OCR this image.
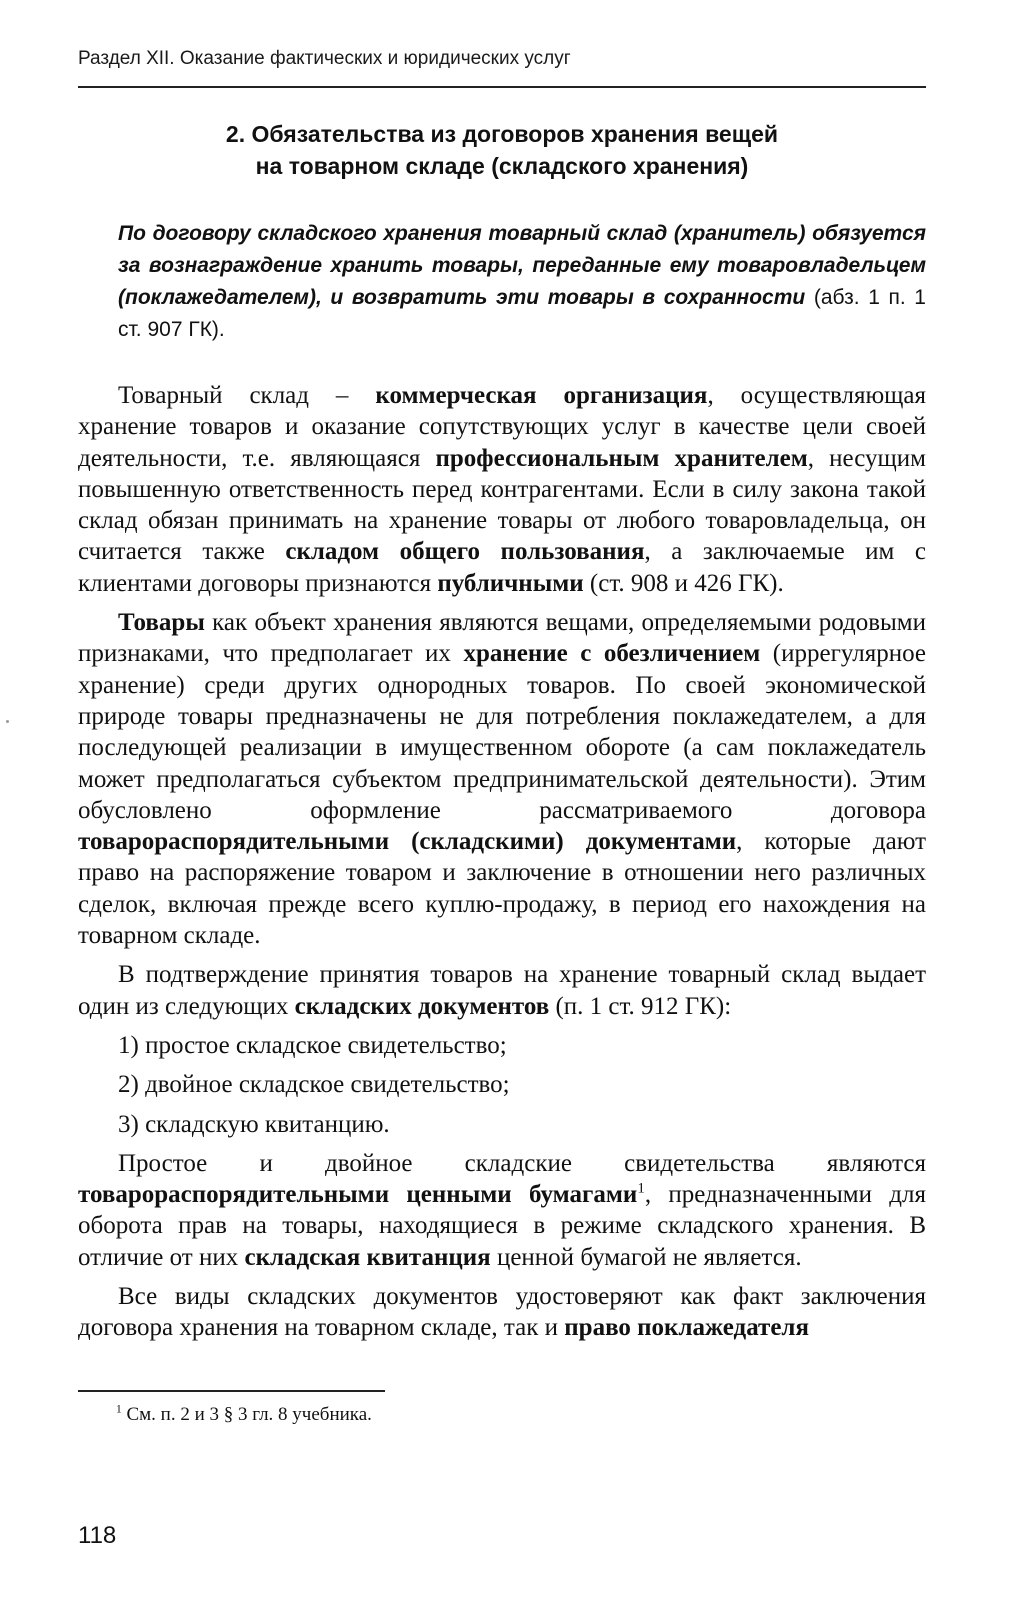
Раздел XII. Оказание фактических и юридических услуг
2. Обязательства из договоров хранения вещей
на товарном складе (складского хранения)
По договору складского хранения товарный склад (хранитель) обязуется за вознаграждение хранить товары, переданные ему товаровладельцем (поклажедателем), и возвратить эти товары в сохранности (абз. 1 п. 1 ст. 907 ГК).

Товарный склад – коммерческая организация, осуществляющая хранение товаров и оказание сопутствующих услуг в качестве цели своей деятельности, т.е. являющаяся профессиональным хранителем, несущим повышенную ответственность перед контрагентами. Если в силу закона такой склад обязан принимать на хранение товары от любого товаровладельца, он считается также складом общего пользования, а заключаемые им с клиентами договоры признаются публичными (ст. 908 и 426 ГК).

Товары как объект хранения являются вещами, определяемыми родовыми признаками, что предполагает их хранение с обезличением (иррегулярное хранение) среди других однородных товаров. По своей экономической природе товары предназначены не для потребления поклажедателем, а для последующей реализации в имущественном обороте (а сам поклажедатель может предполагаться субъектом предпринимательской деятельности). Этим обусловлено оформление рассматриваемого договора товарораспорядительными (складскими) документами, которые дают право на распоряжение товаром и заключение в отношении него различных сделок, включая прежде всего куплю-продажу, в период его нахождения на товарном складе.

В подтверждение принятия товаров на хранение товарный склад выдает один из следующих складских документов (п. 1 ст. 912 ГК):

1) простое складское свидетельство;

2) двойное складское свидетельство;

3) складскую квитанцию.

Простое и двойное складские свидетельства являются товарораспорядительными ценными бумагами$^1$, предназначенными для оборота прав на товары, находящиеся в режиме складского хранения. В отличие от них складская квитанция ценной бумагой не является.

Все виды складских документов удостоверяют как факт заключения договора хранения на товарном складе, так и право поклажедателя

$^1$ См. п. 2 и 3 § 3 гл. 8 учебника.
118
